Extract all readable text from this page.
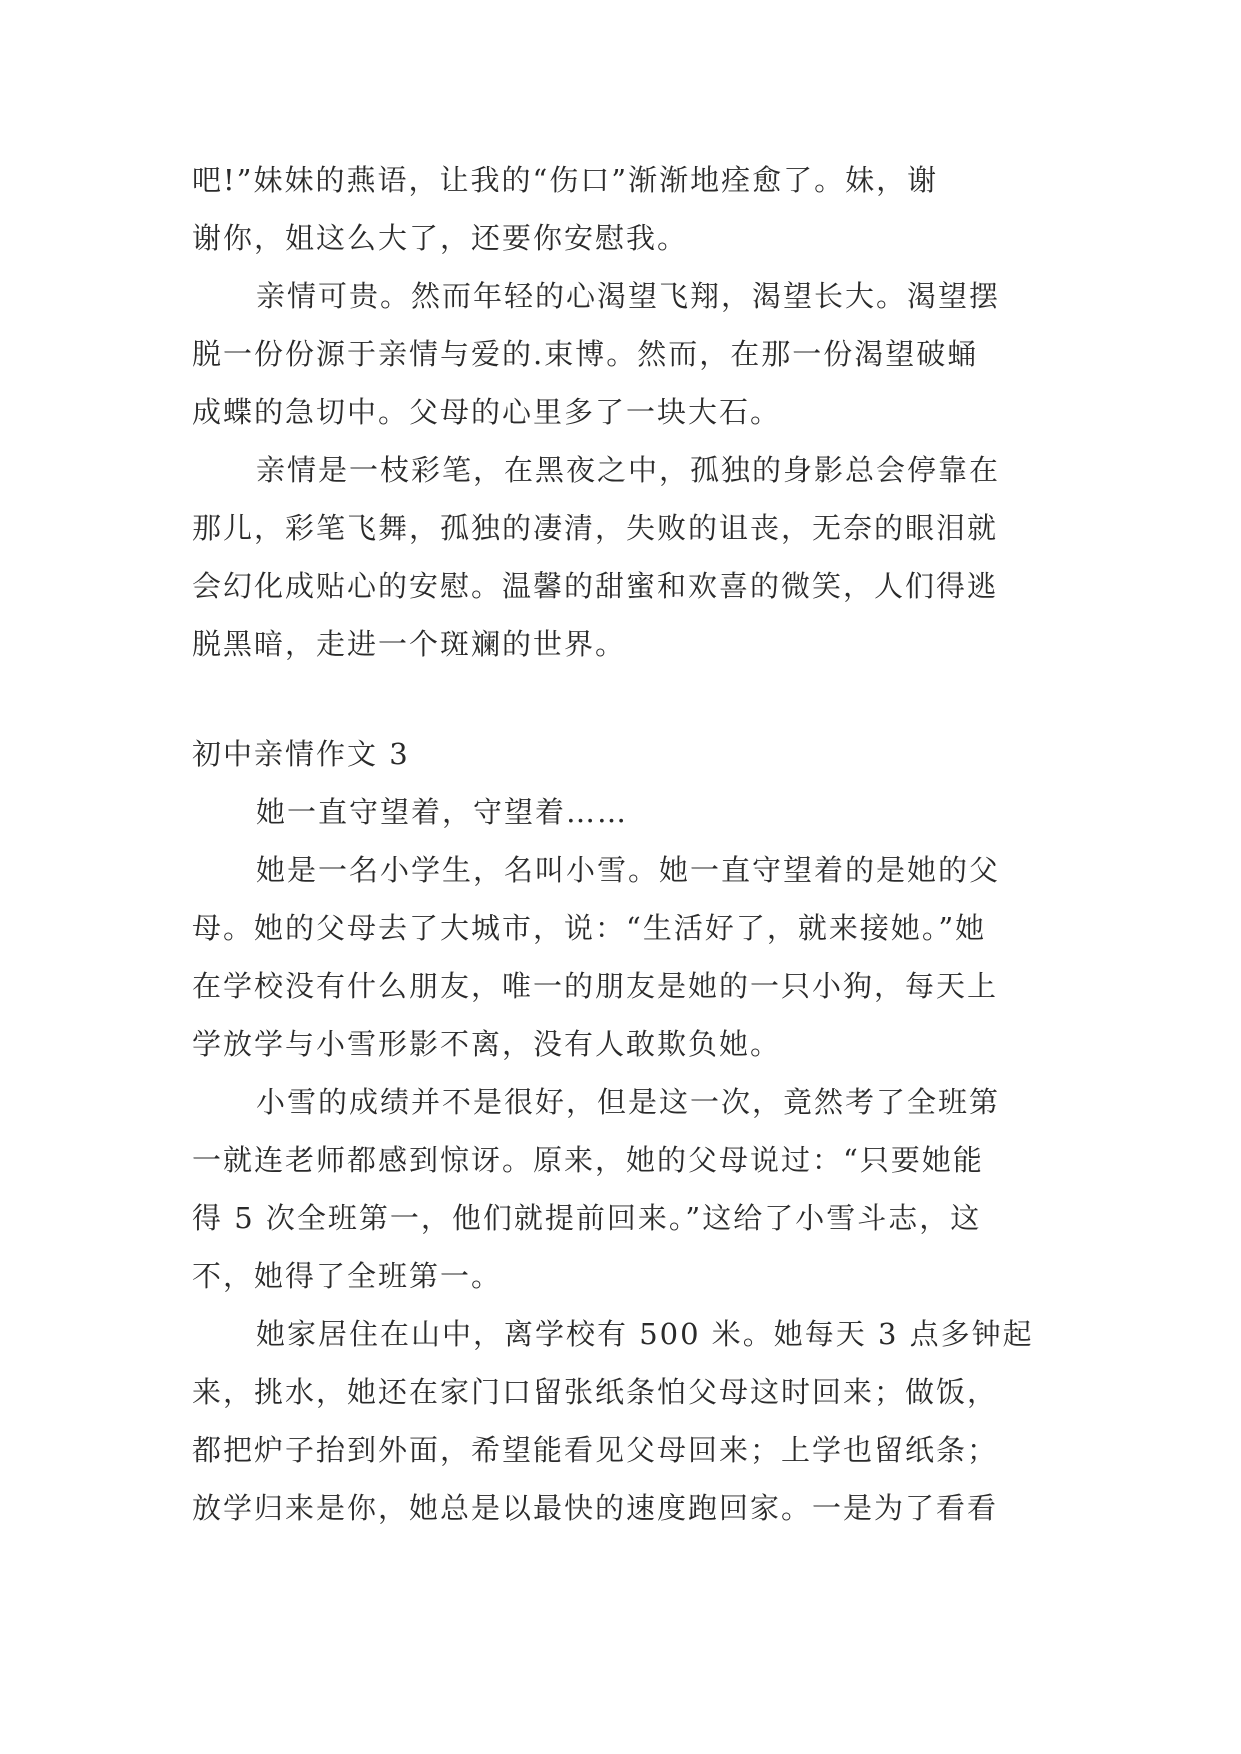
吧!”妹妹的燕语，让我的“伤口”渐渐地痊愈了。妹，谢
谢你，姐这么大了，还要你安慰我。
亲情可贵。然而年轻的心渴望飞翔，渴望长大。渴望摆
脱一份份源于亲情与爱的.束博。然而，在那一份渴望破蛹
成蝶的急切中。父母的心里多了一块大石。
亲情是一枝彩笔，在黑夜之中，孤独的身影总会停靠在
那儿，彩笔飞舞，孤独的凄清，失败的诅丧，无奈的眼泪就
会幻化成贴心的安慰。温馨的甜蜜和欢喜的微笑，人们得逃
脱黑暗，走进一个斑斓的世界。
初中亲情作文 3
她一直守望着，守望着……
她是一名小学生，名叫小雪。她一直守望着的是她的父
母。她的父母去了大城市，说：“生活好了，就来接她。”她
在学校没有什么朋友，唯一的朋友是她的一只小狗，每天上
学放学与小雪形影不离，没有人敢欺负她。
小雪的成绩并不是很好，但是这一次，竟然考了全班第
一就连老师都感到惊讶。原来，她的父母说过：“只要她能
得 5 次全班第一，他们就提前回来。”这给了小雪斗志，这
不，她得了全班第一。
她家居住在山中，离学校有 500 米。她每天 3 点多钟起
来，挑水，她还在家门口留张纸条怕父母这时回来；做饭，
都把炉子抬到外面，希望能看见父母回来；上学也留纸条；
放学归来是你，她总是以最快的速度跑回家。一是为了看看
